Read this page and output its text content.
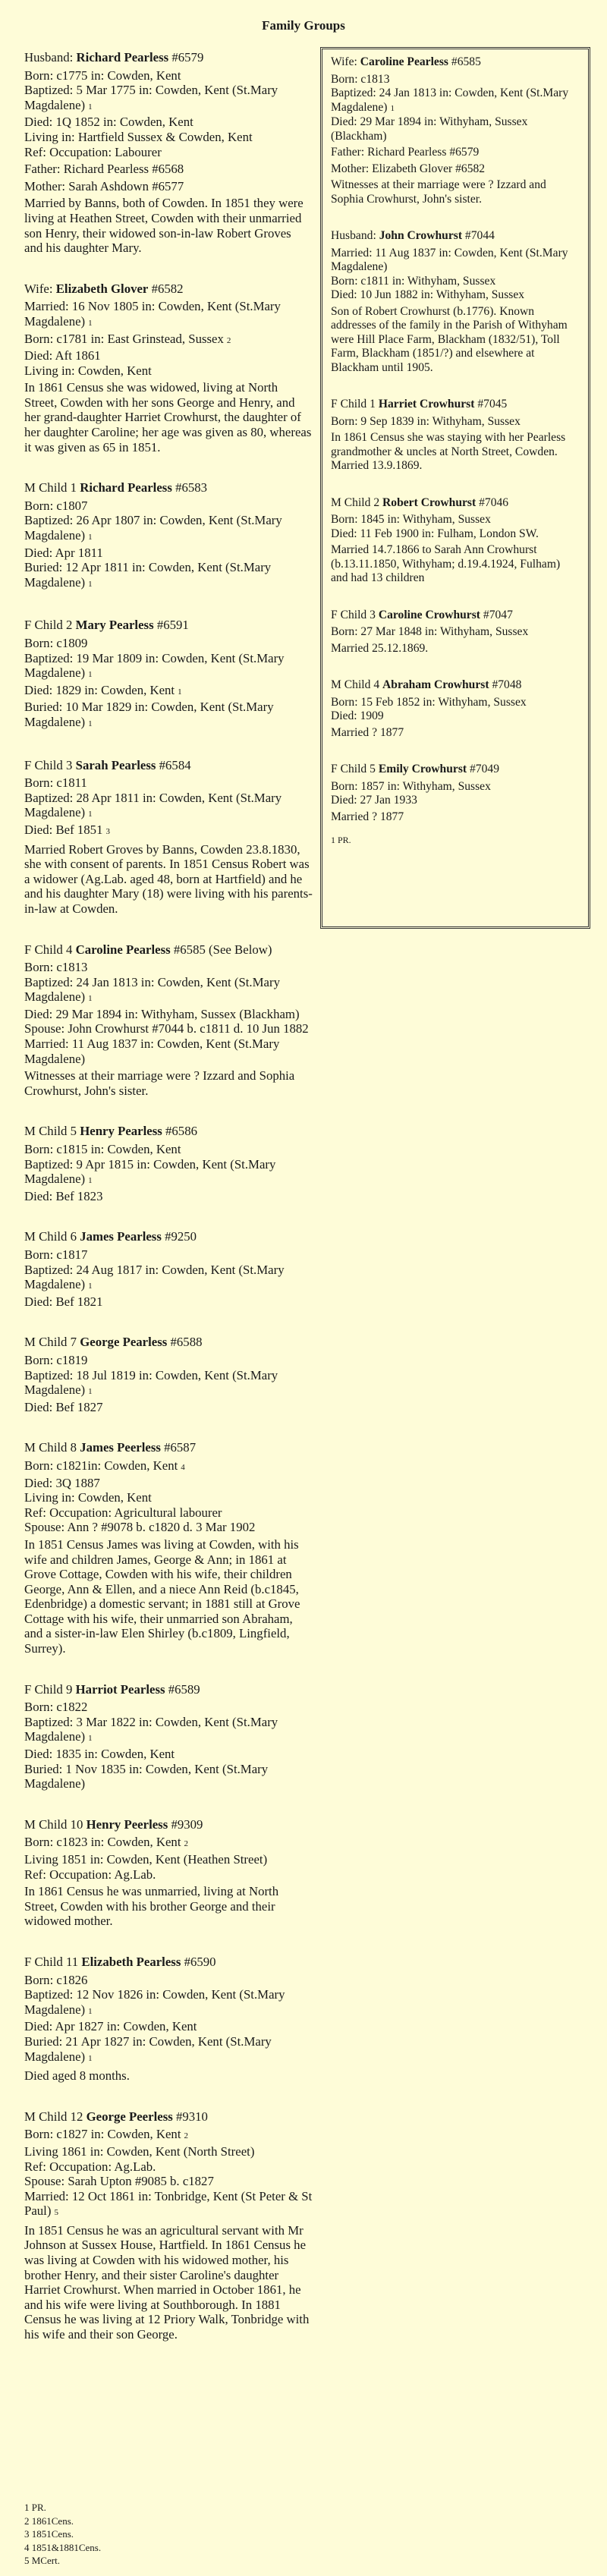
Family Groups
Husband: Richard Pearless #6579
Born: c1775 in: Cowden, Kent
Baptized: 5 Mar 1775 in: Cowden, Kent (St.Mary Magdalene) 1
Died: 1Q 1852 in: Cowden, Kent
Living in: Hartfield Sussex & Cowden, Kent
Ref: Occupation: Labourer
Father: Richard Pearless #6568
Mother: Sarah Ashdown #6577
Married by Banns, both of Cowden. In 1851 they were living at Heathen Street, Cowden with their unmarried son Henry, their widowed son-in-law Robert Groves and his daughter Mary.
Wife: Elizabeth Glover #6582
Married: 16 Nov 1805 in: Cowden, Kent (St.Mary Magdalene) 1
Born: c1781 in: East Grinstead, Sussex 2
Died: Aft 1861
Living in: Cowden, Kent
In 1861 Census she was widowed, living at North Street, Cowden with her sons George and Henry, and her grand-daughter Harriet Crowhurst, the daughter of her daughter Caroline; her age was given as 80, whereas it was given as 65 in 1851.
M Child 1 Richard Pearless #6583
Born: c1807
Baptized: 26 Apr 1807 in: Cowden, Kent (St.Mary Magdalene) 1
Died: Apr 1811
Buried: 12 Apr 1811 in: Cowden, Kent (St.Mary Magdalene) 1
F Child 2 Mary Pearless #6591
Born: c1809
Baptized: 19 Mar 1809 in: Cowden, Kent (St.Mary Magdalene) 1
Died: 1829 in: Cowden, Kent 1
Buried: 10 Mar 1829 in: Cowden, Kent (St.Mary Magdalene) 1
F Child 3 Sarah Pearless #6584
Born: c1811
Baptized: 28 Apr 1811 in: Cowden, Kent (St.Mary Magdalene) 1
Died: Bef 1851 3
Married Robert Groves by Banns, Cowden 23.8.1830, she with consent of parents. In 1851 Census Robert was a widower (Ag.Lab. aged 48, born at Hartfield) and he and his daughter Mary (18) were living with his parents-in-law at Cowden.
F Child 4 Caroline Pearless #6585 (See Below)
Born: c1813
Baptized: 24 Jan 1813 in: Cowden, Kent (St.Mary Magdalene) 1
Died: 29 Mar 1894 in: Withyham, Sussex (Blackham)
Spouse: John Crowhurst #7044 b. c1811 d. 10 Jun 1882
Married: 11 Aug 1837 in: Cowden, Kent (St.Mary Magdalene)
Witnesses at their marriage were ? Izzard and Sophia Crowhurst, John's sister.
M Child 5 Henry Pearless #6586
Born: c1815 in: Cowden, Kent
Baptized: 9 Apr 1815 in: Cowden, Kent (St.Mary Magdalene) 1
Died: Bef 1823
M Child 6 James Pearless #9250
Born: c1817
Baptized: 24 Aug 1817 in: Cowden, Kent (St.Mary Magdalene) 1
Died: Bef 1821
M Child 7 George Pearless #6588
Born: c1819
Baptized: 18 Jul 1819 in: Cowden, Kent (St.Mary Magdalene) 1
Died: Bef 1827
M Child 8 James Peerless #6587
Born: c1821in: Cowden, Kent 4
Died: 3Q 1887
Living in: Cowden, Kent
Ref: Occupation: Agricultural labourer
Spouse: Ann ? #9078 b. c1820 d. 3 Mar 1902
In 1851 Census James was living at Cowden, with his wife and children James, George & Ann; in 1861 at Grove Cottage, Cowden with his wife, their children George, Ann & Ellen, and a niece Ann Reid (b.c1845, Edenbridge) a domestic servant; in 1881 still at Grove Cottage with his wife, their unmarried son Abraham, and a sister-in-law Elen Shirley (b.c1809, Lingfield, Surrey).
F Child 9 Harriot Pearless #6589
Born: c1822
Baptized: 3 Mar 1822 in: Cowden, Kent (St.Mary Magdalene) 1
Died: 1835 in: Cowden, Kent
Buried: 1 Nov 1835 in: Cowden, Kent (St.Mary Magdalene)
M Child 10 Henry Peerless #9309
Born: c1823 in: Cowden, Kent 2
Living 1851 in: Cowden, Kent (Heathen Street)
Ref: Occupation: Ag.Lab.
In 1861 Census he was unmarried, living at North Street, Cowden with his brother George and their widowed mother.
F Child 11 Elizabeth Pearless #6590
Born: c1826
Baptized: 12 Nov 1826 in: Cowden, Kent (St.Mary Magdalene) 1
Died: Apr 1827 in: Cowden, Kent
Buried: 21 Apr 1827 in: Cowden, Kent (St.Mary Magdalene) 1
Died aged 8 months.
M Child 12 George Peerless #9310
Born: c1827 in: Cowden, Kent 2
Living 1861 in: Cowden, Kent (North Street)
Ref: Occupation: Ag.Lab.
Spouse: Sarah Upton #9085 b. c1827
Married: 12 Oct 1861 in: Tonbridge, Kent (St Peter & St Paul) 5
In 1851 Census he was an agricultural servant with Mr Johnson at Sussex House, Hartfield. In 1861 Census he was living at Cowden with his widowed mother, his brother Henry, and their sister Caroline's daughter Harriet Crowhurst. When married in October 1861, he and his wife were living at Southborough. In 1881 Census he was living at 12 Priory Walk, Tonbridge with his wife and their son George.
Wife: Caroline Pearless #6585
Born: c1813
Baptized: 24 Jan 1813 in: Cowden, Kent (St.Mary Magdalene) 1
Died: 29 Mar 1894 in: Withyham, Sussex (Blackham)
Father: Richard Pearless #6579
Mother: Elizabeth Glover #6582
Witnesses at their marriage were ? Izzard and Sophia Crowhurst, John's sister.
Husband: John Crowhurst #7044
Married: 11 Aug 1837 in: Cowden, Kent (St.Mary Magdalene)
Born: c1811 in: Withyham, Sussex
Died: 10 Jun 1882 in: Withyham, Sussex
Son of Robert Crowhurst (b.1776). Known addresses of the family in the Parish of Withyham were Hill Place Farm, Blackham (1832/51), Toll Farm, Blackham (1851/?) and elsewhere at Blackham until 1905.
F Child 1 Harriet Crowhurst #7045
Born: 9 Sep 1839 in: Withyham, Sussex
In 1861 Census she was staying with her Pearless grandmother & uncles at North Street, Cowden. Married 13.9.1869.
M Child 2 Robert Crowhurst #7046
Born: 1845 in: Withyham, Sussex
Died: 11 Feb 1900 in: Fulham, London SW.
Married 14.7.1866 to Sarah Ann Crowhurst (b.13.11.1850, Withyham; d.19.4.1924, Fulham) and had 13 children
F Child 3 Caroline Crowhurst #7047
Born: 27 Mar 1848 in: Withyham, Sussex
Married 25.12.1869.
M Child 4 Abraham Crowhurst #7048
Born: 15 Feb 1852 in: Withyham, Sussex
Died: 1909
Married ? 1877
F Child 5 Emily Crowhurst #7049
Born: 1857 in: Withyham, Sussex
Died: 27 Jan 1933
Married ? 1877
1 PR.
1 PR.
2 1861Cens.
3 1851Cens.
4 1851&1881Cens.
5 MCert.
